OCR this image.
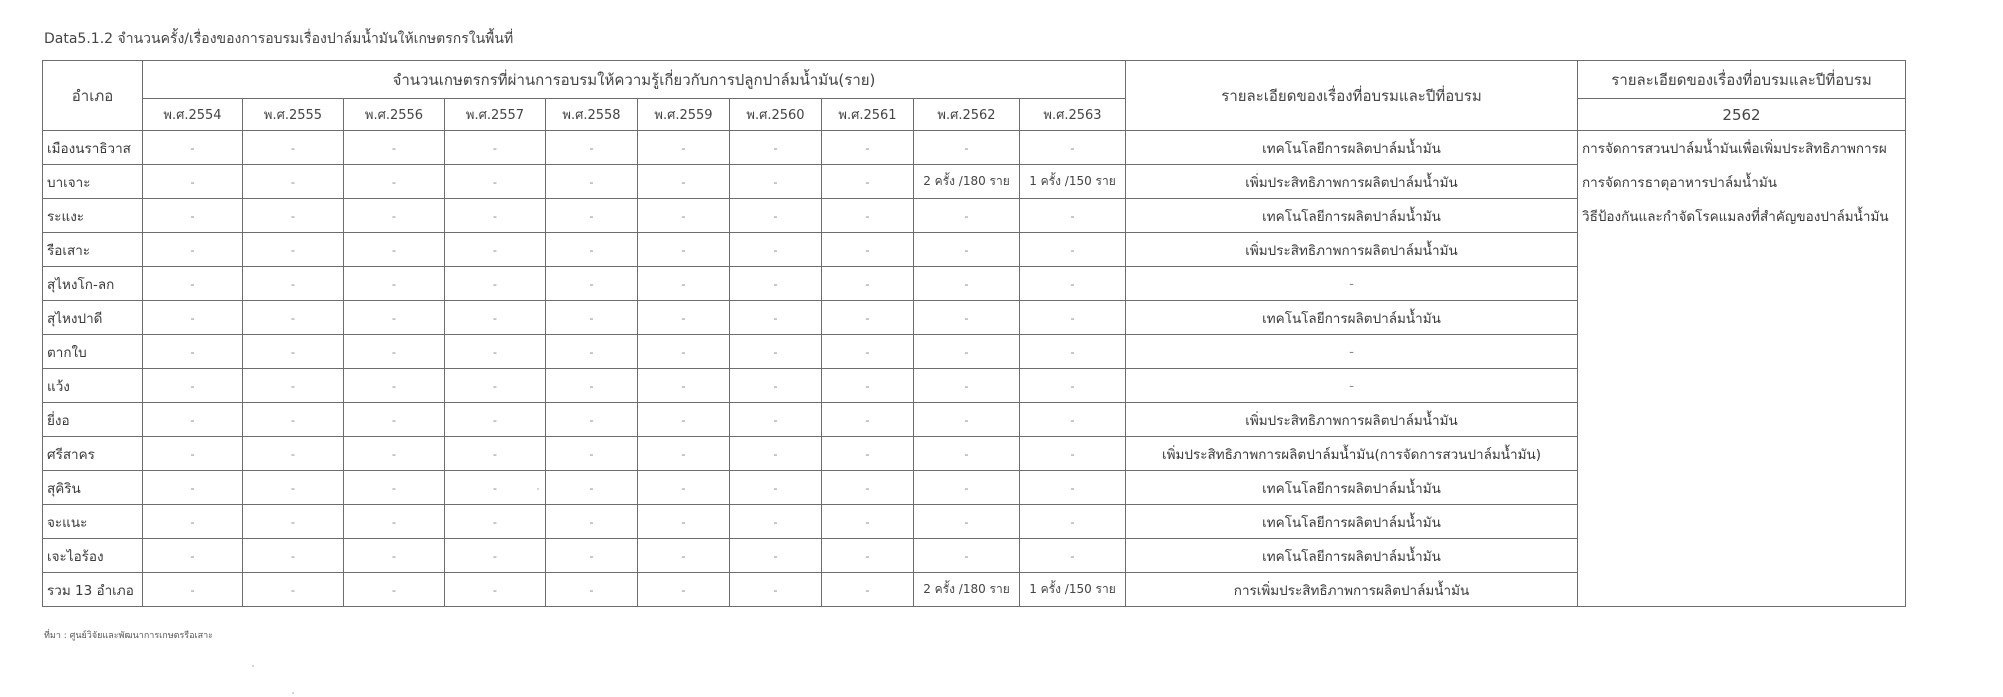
Data5.1.2 จำนวนครั้ง/เรื่องของการอบรมเรื่องปาล์มน้ำมันให้เกษตรกรในพื้นที่
อำเภอ	จำนวนเกษตรกรที่ผ่านการอบรมให้ความรู้เกี่ยวกับการปลูกปาล์มน้ำมัน(ราย)										รายละเอียดของเรื่องที่อบรมและปีที่อบรม	รายละเอียดของเรื่องที่อบรมและปีที่อบรม
	พ.ศ.2554	พ.ศ.2555	พ.ศ.2556	พ.ศ.2557	พ.ศ.2558	พ.ศ.2559	พ.ศ.2560	พ.ศ.2561	พ.ศ.2562	พ.ศ.2563		2562
เมืองนราธิวาส	-	-	-	-	-	-	-	-	-	-	เทคโนโลยีการผลิตปาล์มน้ำมัน	การจัดการสวนปาล์มน้ำมันเพื่อเพิ่มประสิทธิภาพการผ
บาเจาะ	-	-	-	-	-	-	-	-	2 ครั้ง /180 ราย	1 ครั้ง /150 ราย	เพิ่มประสิทธิภาพการผลิตปาล์มน้ำมัน	การจัดการธาตุอาหารปาล์มน้ำมัน
ระแงะ	-	-	-	-	-	-	-	-	-	-	เทคโนโลยีการผลิตปาล์มน้ำมัน	วิธีป้องกันและกำจัดโรคแมลงที่สำคัญของปาล์มน้ำมัน
รือเสาะ	-	-	-	-	-	-	-	-	-	-	เพิ่มประสิทธิภาพการผลิตปาล์มน้ำมัน	
สุไหงโก-ลก	-	-	-	-	-	-	-	-	-	-	-	
สุไหงปาดี	-	-	-	-	-	-	-	-	-	-	เทคโนโลยีการผลิตปาล์มน้ำมัน	
ตากใบ	-	-	-	-	-	-	-	-	-	-	-	
แว้ง	-	-	-	-	-	-	-	-	-	-	-	
ยี่งอ	-	-	-	-	-	-	-	-	-	-	เพิ่มประสิทธิภาพการผลิตปาล์มน้ำมัน	
ศรีสาคร	-	-	-	-	-	-	-	-	-	-	เพิ่มประสิทธิภาพการผลิตปาล์มน้ำมัน(การจัดการสวนปาล์มน้ำมัน)	
สุคิริน	-	-	-	-	-	-	-	-	-	-	เทคโนโลยีการผลิตปาล์มน้ำมัน	
จะแนะ	-	-	-	-	-	-	-	-	-	-	เทคโนโลยีการผลิตปาล์มน้ำมัน	
เจะไอร้อง	-	-	-	-	-	-	-	-	-	-	เทคโนโลยีการผลิตปาล์มน้ำมัน	
รวม 13 อำเภอ	-	-	-	-	-	-	-	-	2 ครั้ง /180 ราย	1 ครั้ง /150 ราย	การเพิ่มประสิทธิภาพการผลิตปาล์มน้ำมัน	
ที่มา : ศูนย์วิจัยและพัฒนาการเกษตรรือเสาะ
